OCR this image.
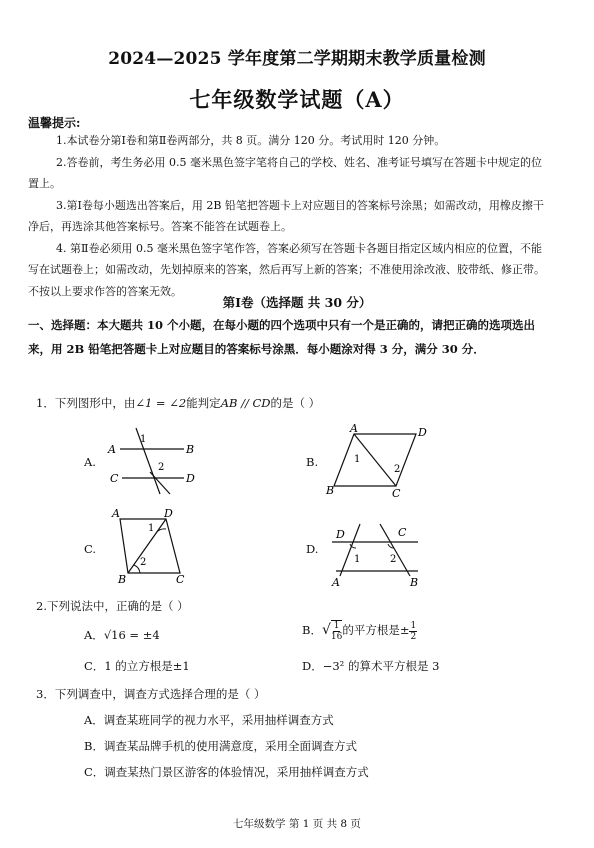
2024—2025 学年度第二学期期末教学质量检测
七年级数学试题（A）
温馨提示:

1.本试卷分第Ⅰ卷和第Ⅱ卷两部分，共 8 页。满分 120 分。考试用时 120 分钟。

2.答卷前，考生务必用 0.5 毫米黑色签字笔将自己的学校、姓名、准考证号填写在答题卡中规定的位置上。

3.第Ⅰ卷每小题选出答案后，用 2B 铅笔把答题卡上对应题目的答案标号涂黑；如需改动，用橡皮擦干净后，再选涂其他答案标号。答案不能答在试题卷上。

4. 第Ⅱ卷必须用 0.5 毫米黑色签字笔作答，答案必须写在答题卡各题目指定区域内相应的位置，不能写在试题卷上；如需改动，先划掉原来的答案，然后再写上新的答案；不准使用涂改液、胶带纸、修正带。不按以上要求作答的答案无效。

第Ⅰ卷（选择题 共 30 分）
一、选择题：本大题共 10 个小题，在每小题的四个选项中只有一个是正确的，请把正确的选项选出来，用 2B 铅笔把答题卡上对应题目的答案标号涂黑．每小题涂对得 3 分，满分 30 分．
1．下列图形中，由∠1 = ∠2能判定AB // CD的是（ ）
A.
A	B
C	D
1
2	B.
A	D
B	C
1
2
C.
A	D
B	C
1
2
D.
D	C
A	B
1	2
2.下列说法中，正确的是（ ）
A．√16 = ±4	B．√ $\frac{1}{16}$ 的平方根是± $\frac{1}{2}$
C．1 的立方根是±1	D．−3² 的算术平方根是 3
3．下列调查中，调查方式选择合理的是（ ）
A．调查某班同学的视力水平，采用抽样调查方式
B．调查某品牌手机的使用满意度，采用全面调查方式
C．调查某热门景区游客的体验情况，采用抽样调查方式
七年级数学 第 1 页 共 8 页
